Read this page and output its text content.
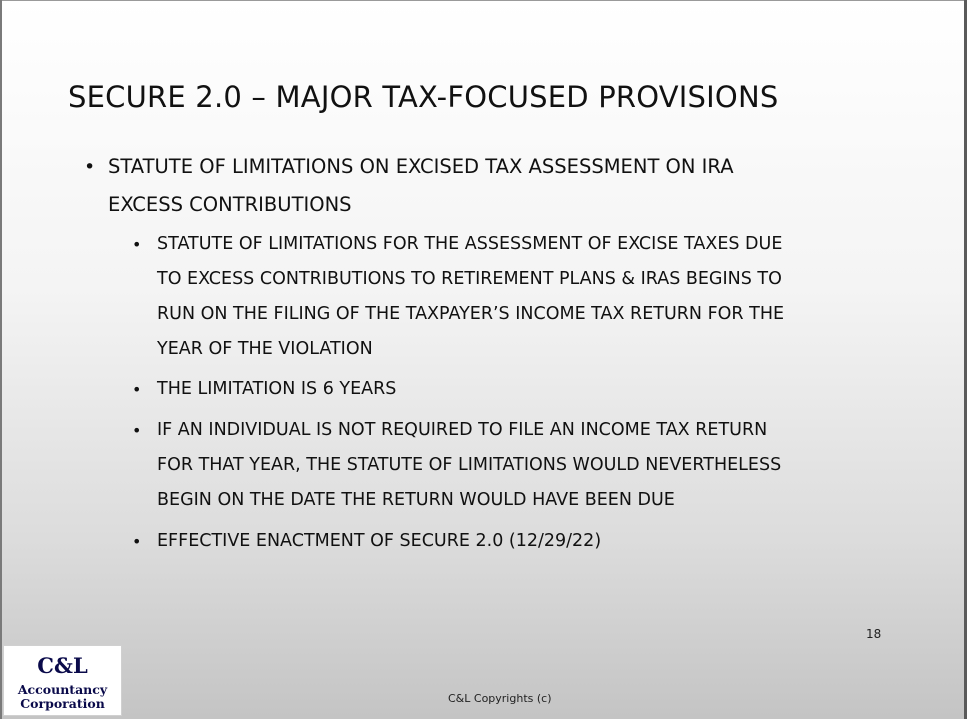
SECURE 2.0 – MAJOR TAX-FOCUSED PROVISIONS
• STATUTE OF LIMITATIONS ON EXCISED TAX ASSESSMENT ON IRA
EXCESS CONTRIBUTIONS
• STATUTE OF LIMITATIONS FOR THE ASSESSMENT OF EXCISE TAXES DUE
TO EXCESS CONTRIBUTIONS TO RETIREMENT PLANS & IRAS BEGINS TO
RUN ON THE FILING OF THE TAXPAYER’S INCOME TAX RETURN FOR THE
YEAR OF THE VIOLATION
• THE LIMITATION IS 6 YEARS
• IF AN INDIVIDUAL IS NOT REQUIRED TO FILE AN INCOME TAX RETURN
FOR THAT YEAR, THE STATUTE OF LIMITATIONS WOULD NEVERTHELESS
BEGIN ON THE DATE THE RETURN WOULD HAVE BEEN DUE
• EFFECTIVE ENACTMENT OF SECURE 2.0 (12/29/22)
18
C&L Copyrights (c)
C&L
Accountancy
Corporation
